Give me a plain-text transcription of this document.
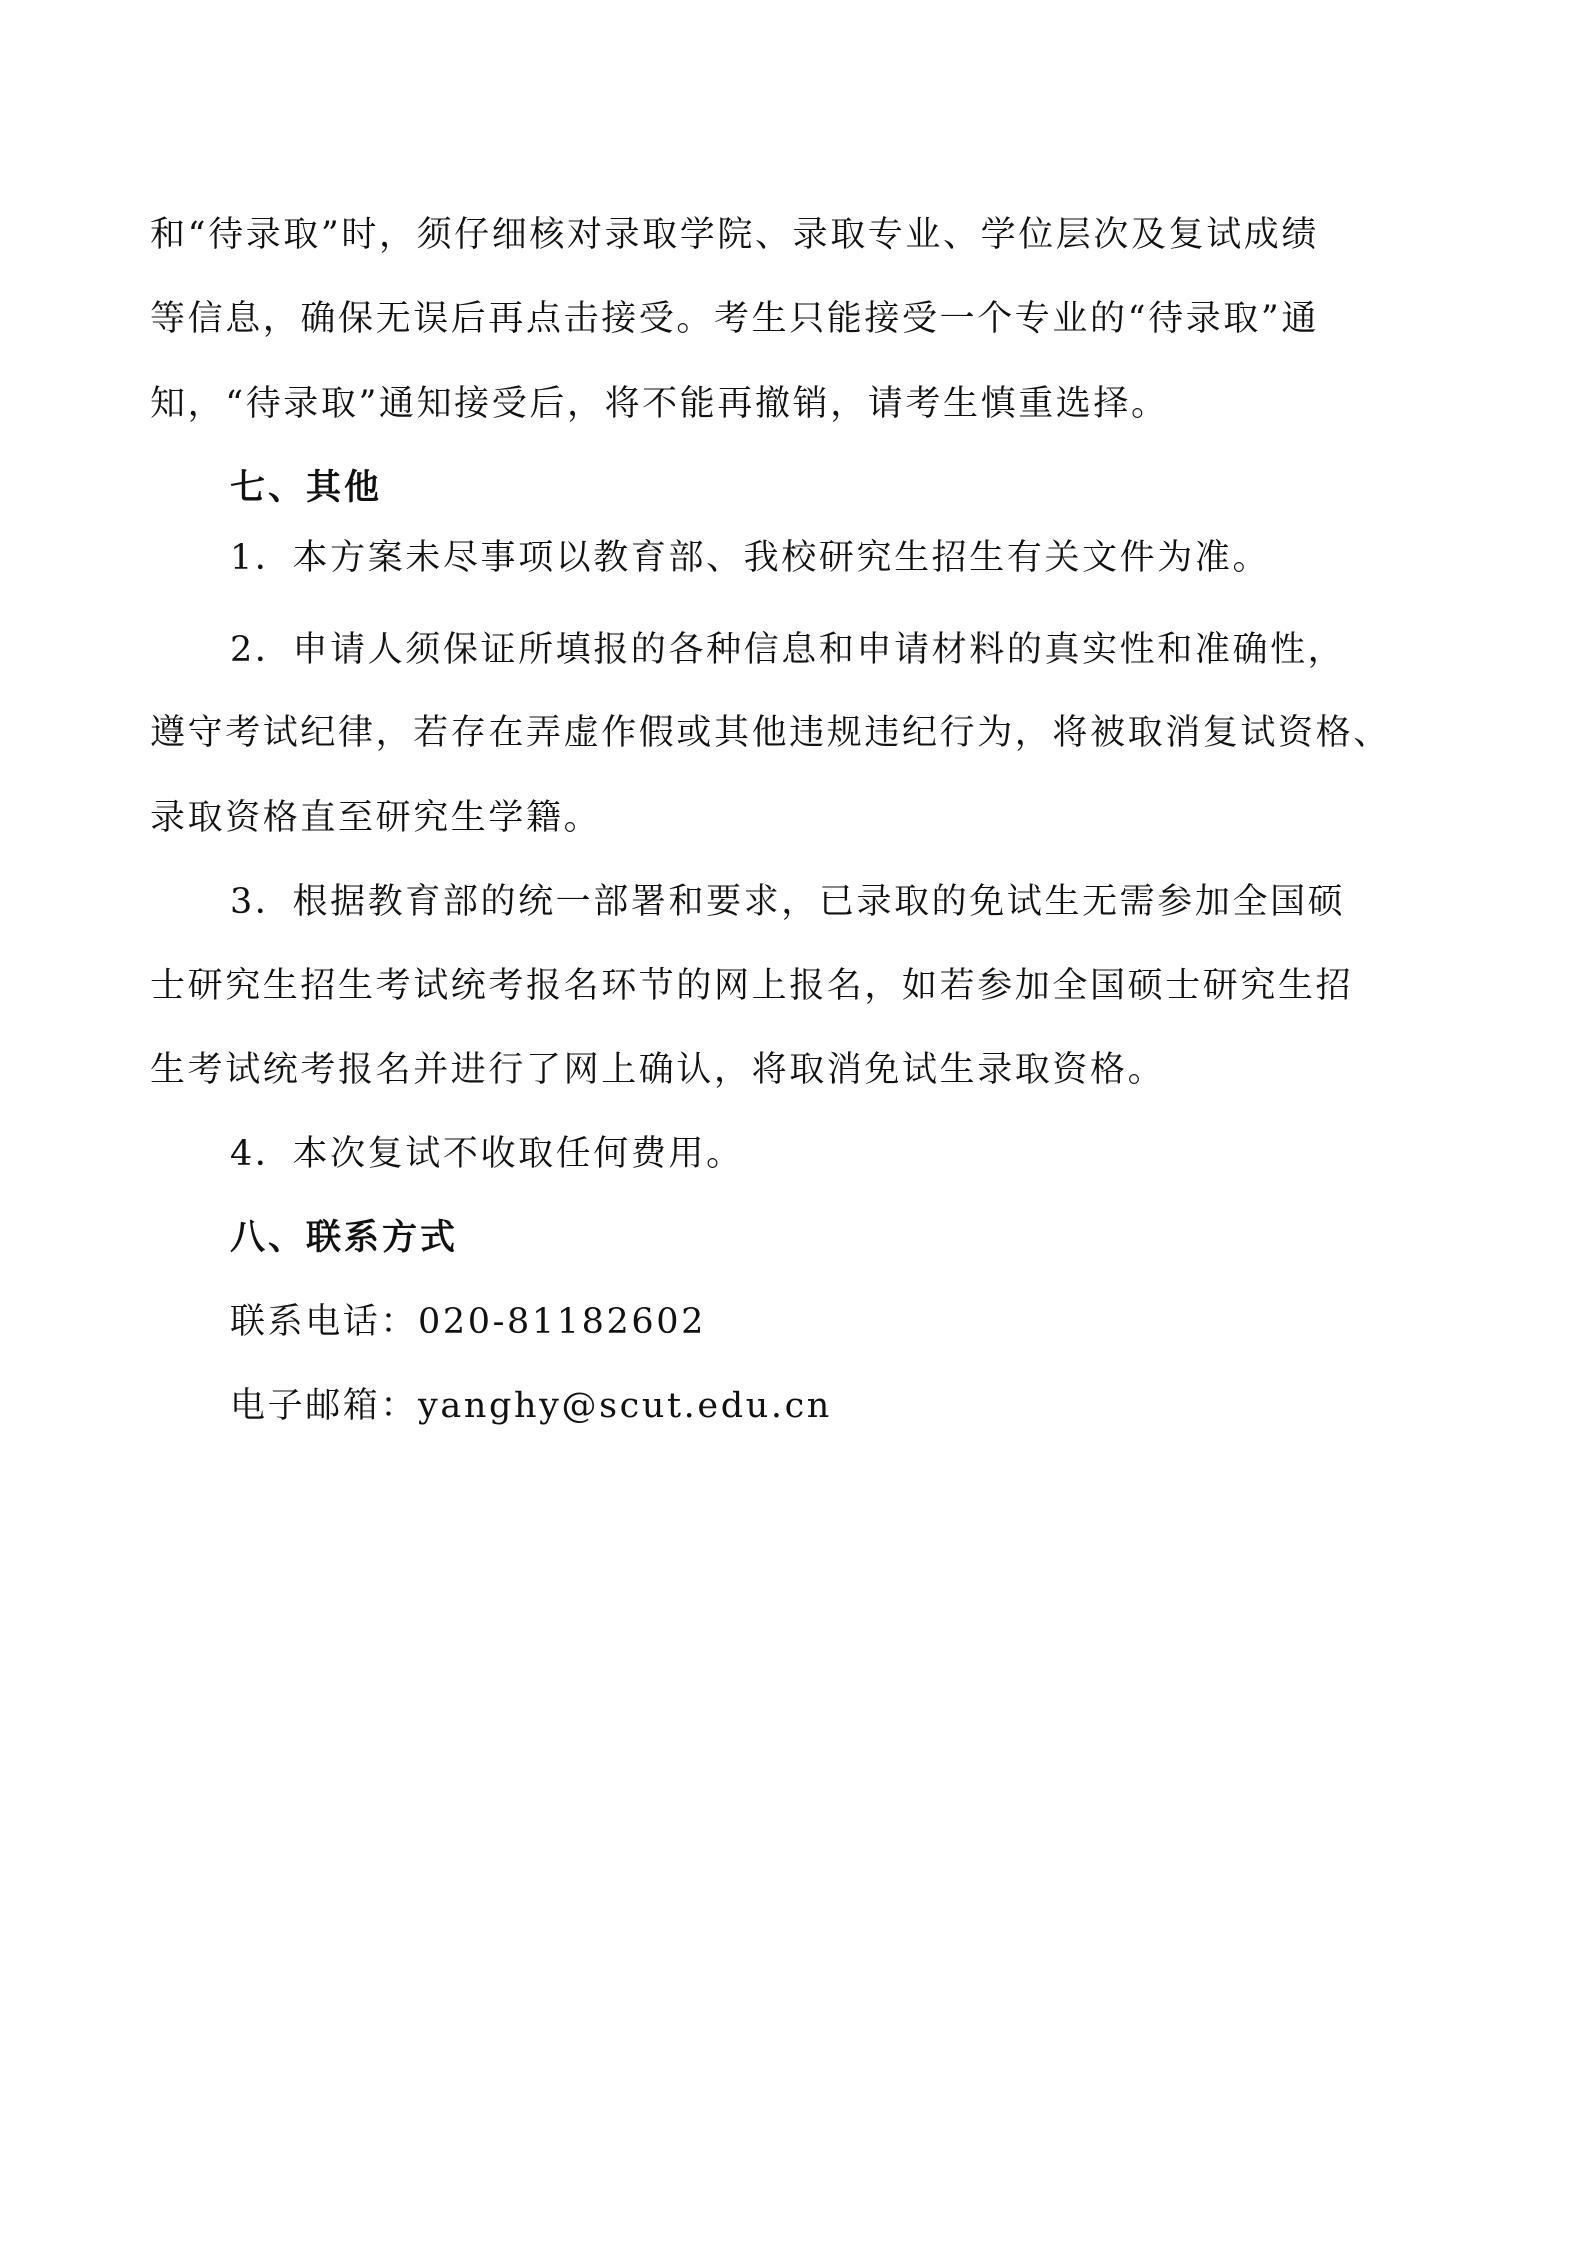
和“待录取”时，须仔细核对录取学院、录取专业、学位层次及复试成绩
等信息，确保无误后再点击接受。考生只能接受一个专业的“待录取”通
知，“待录取”通知接受后，将不能再撤销，请考生慎重选择。
七、其他
1．本方案未尽事项以教育部、我校研究生招生有关文件为准。
2．申请人须保证所填报的各种信息和申请材料的真实性和准确性，
遵守考试纪律，若存在弄虚作假或其他违规违纪行为，将被取消复试资格、
录取资格直至研究生学籍。
3．根据教育部的统一部署和要求，已录取的免试生无需参加全国硕
士研究生招生考试统考报名环节的网上报名，如若参加全国硕士研究生招
生考试统考报名并进行了网上确认，将取消免试生录取资格。
4．本次复试不收取任何费用。
八、联系方式
联系电话：020-81182602
电子邮箱：yanghy@scut.edu.cn
